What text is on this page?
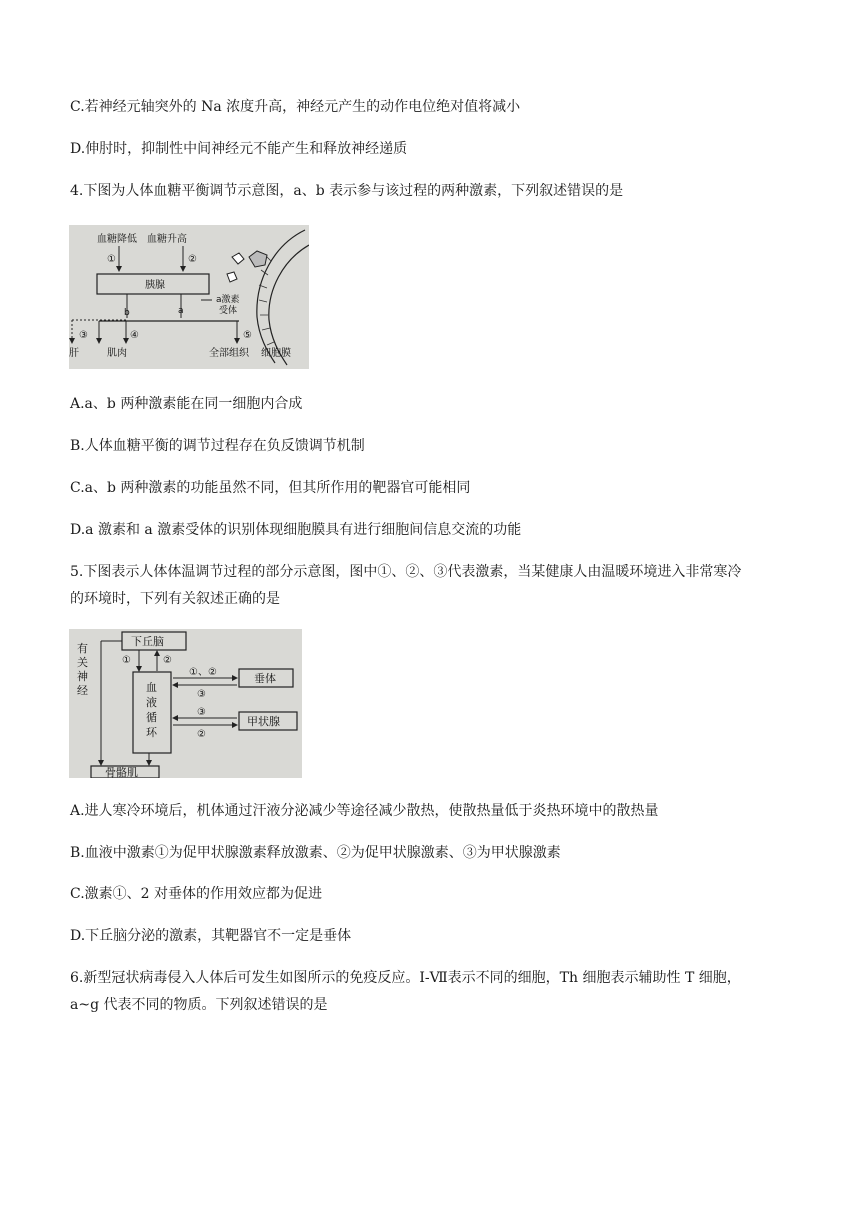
C.若神经元轴突外的 Na 浓度升高，神经元产生的动作电位绝对值将减小
D.伸肘时，抑制性中间神经元不能产生和释放神经递质
4.下图为人体血糖平衡调节示意图，a、b 表示参与该过程的两种激素，下列叙述错误的是
血糖降低 血糖升高
①	②
胰腺
b	a
③	④	⑤
肝	肌肉	全部组织 细胞膜
a激素
受体
A.a、b 两种激素能在同一细胞内合成
B.人体血糖平衡的调节过程存在负反馈调节机制
C.a、b 两种激素的功能虽然不同，但其所作用的靶器官可能相同
D.a 激素和 a 激素受体的识别体现细胞膜具有进行细胞间信息交流的功能
5.下图表示人体体温调节过程的部分示意图，图中①、②、③代表激素，当某健康人由温暖环境进入非常寒冷
的环境时，下列有关叙述正确的是
下丘脑
有
关
神
经
①	②
血
液
循
环
垂体
①、②
③
甲状腺
③
②
骨骼肌
A.进人寒冷环境后，机体通过汗液分泌减少等途径减少散热，使散热量低于炎热环境中的散热量
B.血液中激素①为促甲状腺激素释放激素、②为促甲状腺激素、③为甲状腺激素
C.激素①、2 对垂体的作用效应都为促进
D.下丘脑分泌的激素，其靶器官不一定是垂体
6.新型冠状病毒侵入人体后可发生如图所示的免疫反应。I-Ⅶ表示不同的细胞，Th 细胞表示辅助性 T 细胞，
a~g 代表不同的物质。下列叙述错误的是
